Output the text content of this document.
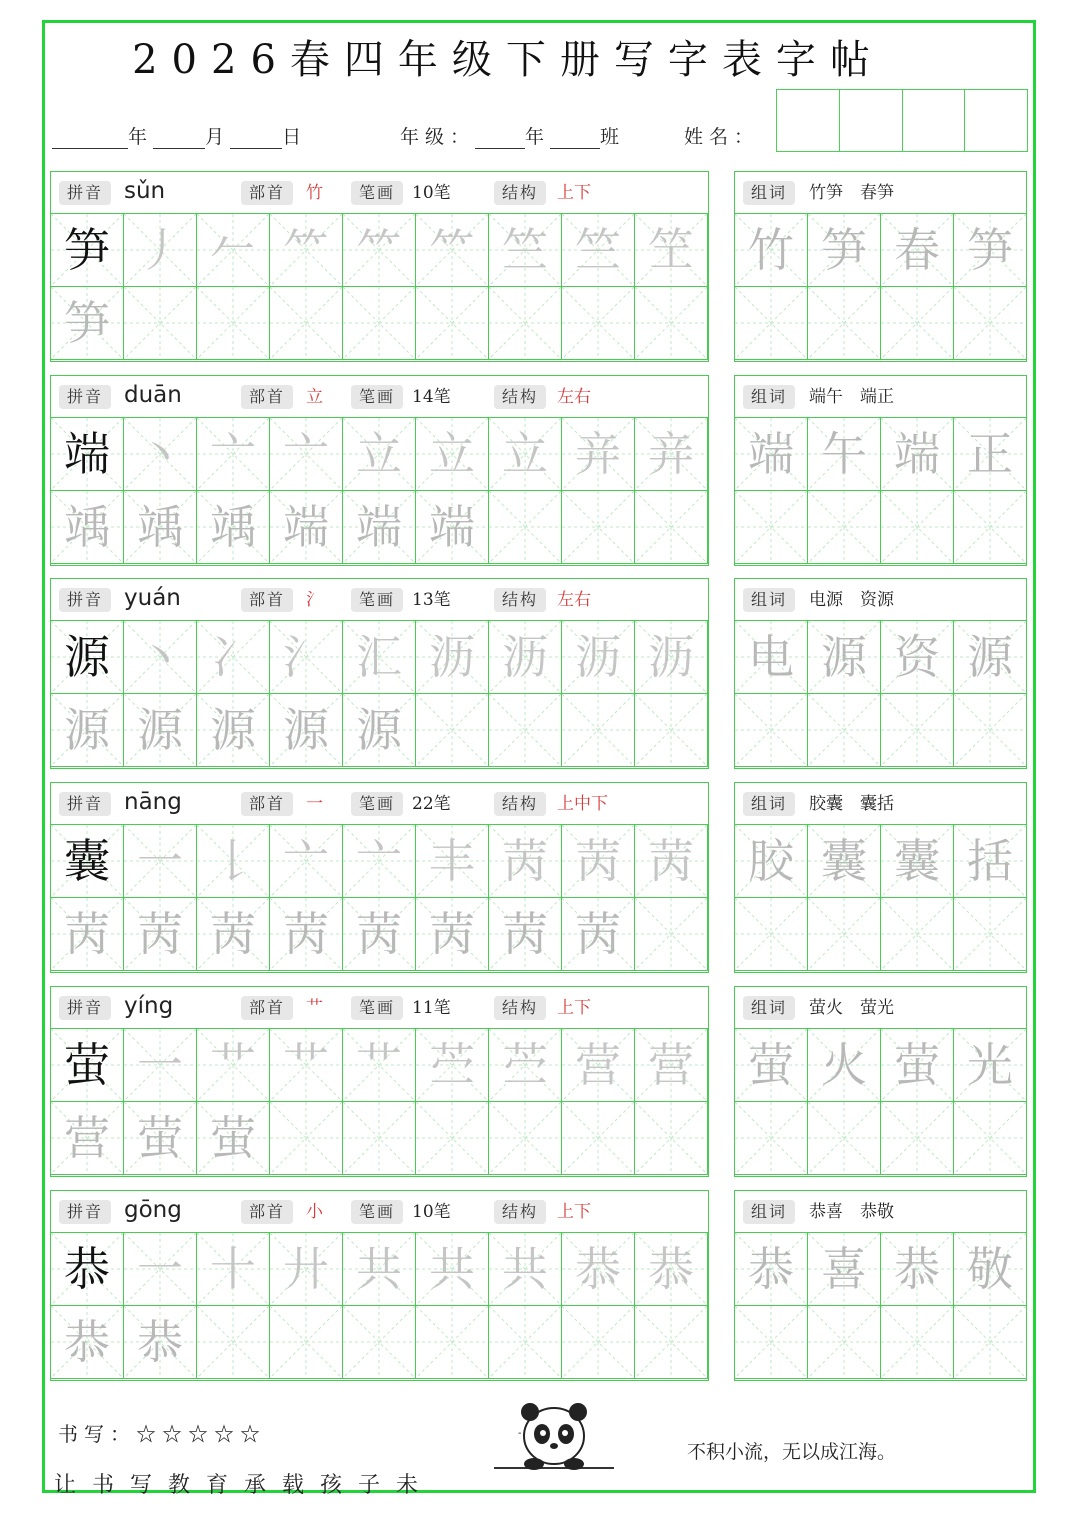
2026春四年级下册写字表字帖
年	月	日	年级：	年	班	姓名：
拼音 sǔn	部首	竹	笔画 10笔	结构	上下
笋 丿 𠂉 ⺮ ⺮ ⺮ 竺 竺 笁
笋
组词	竹笋　春笋
竹 笋 春 笋
拼音 duān	部首	立	笔画 14笔	结构	左右
端 丶 亠 亠 立 立 立 竎 竎
竬 竬 竬 端 端 端
组词	端午　端正
端 午 端 正
拼音 yuán	部首	氵	笔画 13笔	结构	左右
源 丶 冫 氵 汇 沥 沥 沥 沥
源 源 源 源 源
组词	电源　资源
电 源 资 源
拼音 nāng	部首	一	笔画 22笔	结构	上中下
囊 一 𠄌 亠 亠 丰 苪 苪 苪
苪 苪 苪 苪 苪 苪 苪 苪
组词	胶囊　囊括
胶 囊 囊 括
拼音 yíng	部首	艹	笔画 11笔	结构	上下
萤 一 艹 艹 艹 苎 苎 营 营
营 萤 萤
组词	萤火　萤光
萤 火 萤 光
拼音 gōng	部首	小	笔画 10笔	结构	上下
恭 一 十 廾 共 共 共 恭 恭
恭 恭
组词	恭喜　恭敬
恭 喜 恭 敬
书写：☆☆☆☆☆
让书写教育承载孩子未
不积小流，无以成江海。
-
